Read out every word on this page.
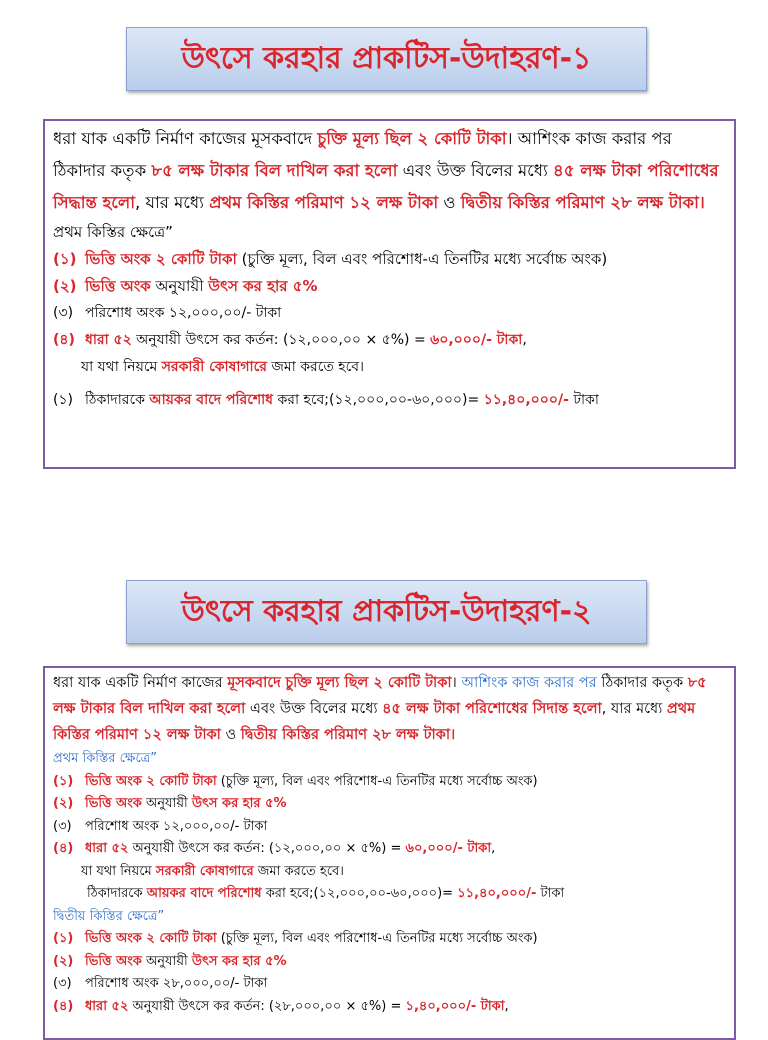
উৎসে করহার প্রাকটিস-উদাহরণ-১

ধরা যাক একটি নির্মাণ কাজের মূসকবাদে চুক্তি মূল্য ছিল ২ কোটি টাকা। আশিংক কাজ করার পর ঠিকাদার কতৃক ৮৫ লক্ষ টাকার বিল দাখিল করা হলো এবং উক্ত বিলের মধ্যে ৪৫ লক্ষ টাকা পরিশোধের সিদ্ধান্ত হলো, যার মধ্যে প্রথম কিস্তির পরিমাণ ১২ লক্ষ টাকা ও দ্বিতীয় কিস্তির পরিমাণ ২৮ লক্ষ টাকা।

প্রথম কিস্তির ক্ষেত্রে”
(১) ভিত্তি অংক ২ কোটি টাকা (চুক্তি মূল্য, বিল এবং পরিশোধ-এ তিনটির মধ্যে সর্বোচ্চ অংক)
(২) ভিত্তি অংক অনুযায়ী উৎস কর হার ৫%
(৩) পরিশোধ অংক ১২,০০০,০০/- টাকা
(৪) ধারা ৫২ অনুযায়ী উৎসে কর কর্তন: (১২,০০০,০০ × ৫%) = ৬০,০০০/- টাকা,
যা যথা নিয়মে সরকারী কোষাগারে জমা করতে হবে।
(১) ঠিকাদারকে আয়কর বাদে পরিশোধ করা হবে;(১২,০০০,০০-৬০,০০০)= ১১,৪০,০০০/- টাকা
উৎসে করহার প্রাকটিস-উদাহরণ-২

ধরা যাক একটি নির্মাণ কাজের মূসকবাদে চুক্তি মূল্য ছিল ২ কোটি টাকা। আশিংক কাজ করার পর ঠিকাদার কতৃক ৮৫ লক্ষ টাকার বিল দাখিল করা হলো এবং উক্ত বিলের মধ্যে ৪৫ লক্ষ টাকা পরিশোধের সিদান্ত হলো, যার মধ্যে প্রথম কিস্তির পরিমাণ ১২ লক্ষ টাকা ও দ্বিতীয় কিস্তির পরিমাণ ২৮ লক্ষ টাকা।

প্রথম কিস্তির ক্ষেত্রে”
(১) ভিত্তি অংক ২ কোটি টাকা (চুক্তি মূল্য, বিল এবং পরিশোধ-এ তিনটির মধ্যে সর্বোচ্চ অংক)
(২) ভিত্তি অংক অনুযায়ী উৎস কর হার ৫%
(৩) পরিশোধ অংক ১২,০০০,০০/- টাকা
(৪) ধারা ৫২ অনুযায়ী উৎসে কর কর্তন: (১২,০০০,০০ × ৫%) = ৬০,০০০/- টাকা,
যা যথা নিয়মে সরকারী কোষাগারে জমা করতে হবে।
ঠিকাদারকে আয়কর বাদে পরিশোধ করা হবে;(১২,০০০,০০-৬০,০০০)= ১১,৪০,০০০/- টাকা
দ্বিতীয় কিস্তির ক্ষেত্রে”
(১) ভিত্তি অংক ২ কোটি টাকা (চুক্তি মূল্য, বিল এবং পরিশোধ-এ তিনটির মধ্যে সর্বোচ্চ অংক)
(২) ভিত্তি অংক অনুযায়ী উৎস কর হার ৫%
(৩) পরিশোধ অংক ২৮,০০০,০০/- টাকা
(৪) ধারা ৫২ অনুযায়ী উৎসে কর কর্তন: (২৮,০০০,০০ × ৫%) = ১,৪০,০০০/- টাকা,
